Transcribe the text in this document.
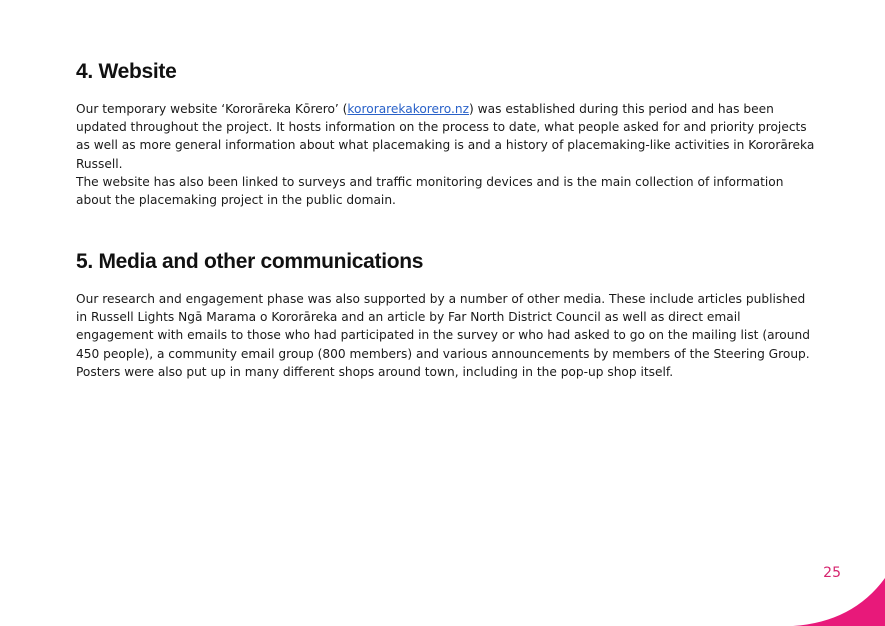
4. Website

Our temporary website ‘Kororāreka Kōrero’ (kororarekakorero.nz) was established during this period and has been updated throughout the project. It hosts information on the process to date, what people asked for and priority projects as well as more general information about what placemaking is and a history of placemaking-like activities in Kororāreka Russell.

The website has also been linked to surveys and traffic monitoring devices and is the main collection of information about the placemaking project in the public domain.

5. Media and other communications

Our research and engagement phase was also supported by a number of other media. These include articles published in Russell Lights Ngā Marama o Kororāreka and an article by Far North District Council as well as direct email engagement with emails to those who had participated in the survey or who had asked to go on the mailing list (around 450 people), a community email group (800 members) and various announcements by members of the Steering Group. Posters were also put up in many different shops around town, including in the pop-up shop itself.

25
